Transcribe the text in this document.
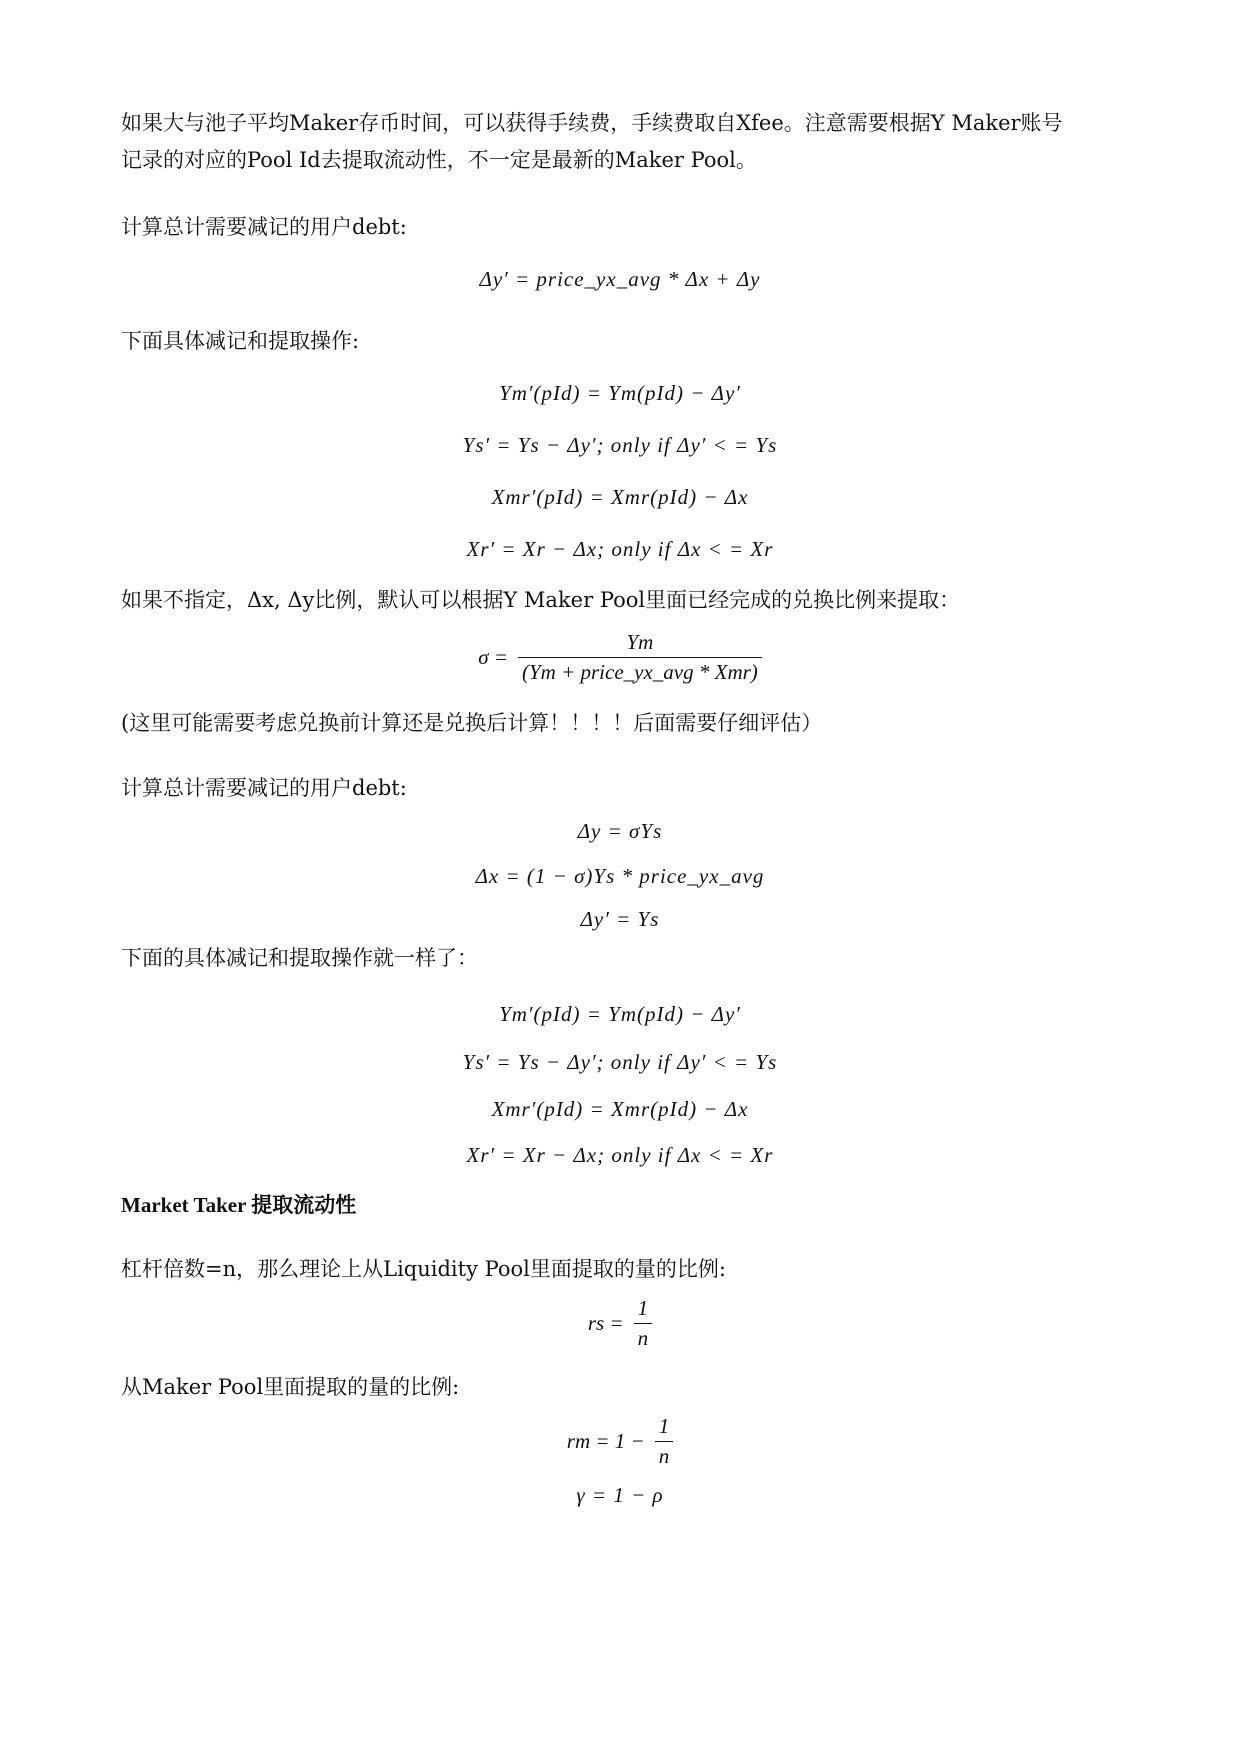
如果大与池子平均Maker存币时间，可以获得手续费，手续费取自Xfee。注意需要根据Y Maker账号
记录的对应的Pool Id去提取流动性，不一定是最新的Maker Pool。
计算总计需要减记的用户debt:
Δy′ = price_yx_avg * Δx + Δy
下面具体减记和提取操作:
Ym′(pId) = Ym(pId) − Δy′
Ys′ = Ys − Δy′; only if Δy′ < = Ys
Xmr′(pId) = Xmr(pId) − Δx
Xr′ = Xr − Δx; only if Δx < = Xr
如果不指定，Δx, Δy比例，默认可以根据Y Maker Pool里面已经完成的兑换比例来提取：
$\sigma = \frac{Ym}{\text{(Ym + price\_yx\_avg * Xmr)}}$
(这里可能需要考虑兑换前计算还是兑换后计算！！！！后面需要仔细评估）
计算总计需要减记的用户debt:
Δy = σYs
Δx = (1 − σ)Ys * price_yx_avg
Δy′ = Ys
下面的具体减记和提取操作就一样了：
Ym′(pId) = Ym(pId) − Δy′
Ys′ = Ys − Δy′; only if Δy′ < = Ys
Xmr′(pId) = Xmr(pId) − Δx
Xr′ = Xr − Δx; only if Δx < = Xr
Market Taker 提取流动性
杠杆倍数=n，那么理论上从Liquidity Pool里面提取的量的比例:
rs = $\frac{1}{n}$
从Maker Pool里面提取的量的比例:
rm = $1 - \frac{1}{n}$
γ = 1 − ρ
